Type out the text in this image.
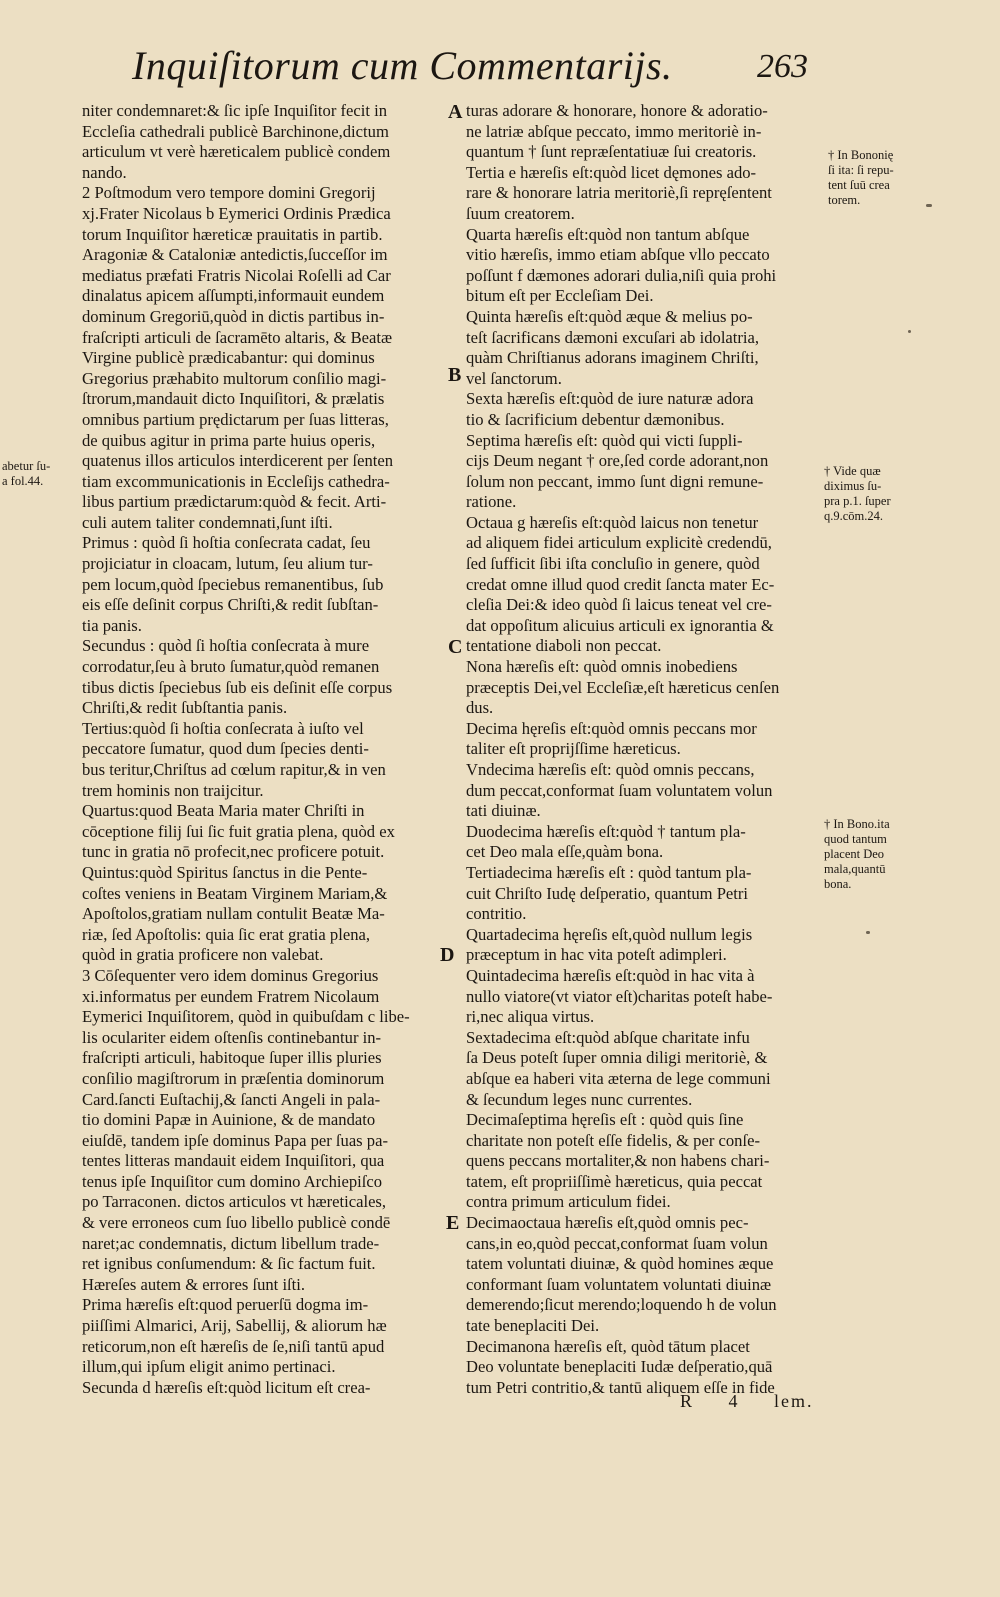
Inquiſitorum cum Commentarijs. 263
niter condemnaret:& ſic ipſe Inquiſitor fecit in
Eccleſia cathedrali publicè Barchinone,dictum
articulum vt verè hæreticalem publicè condem
nando.
2 Poſtmodum vero tempore domini Gregorij
xj.Frater Nicolaus b Eymerici Ordinis Prædica
torum Inquiſitor hæreticæ prauitatis in partib.
Aragoniæ & Cataloniæ antedictis,ſucceſſor im
mediatus præfati Fratris Nicolai Roſelli ad Car
dinalatus apicem aſſumpti,informauit eundem
dominum Gregoriū,quòd in dictis partibus in-
fraſcripti articuli de ſacramēto altaris, & Beatæ
Virgine publicè prædicabantur: qui dominus
Gregorius præhabito multorum conſilio magi-
ſtrorum,mandauit dicto Inquiſitori, & prælatis
omnibus partium prędictarum per ſuas litteras,
de quibus agitur in prima parte huius operis,
quatenus illos articulos interdicerent per ſenten
tiam excommunicationis in Eccleſijs cathedra-
libus partium prædictarum:quòd & fecit. Arti-
culi autem taliter condemnati,ſunt iſti.
Primus : quòd ſi hoſtia conſecrata cadat, ſeu
projiciatur in cloacam, lutum, ſeu alium tur-
pem locum,quòd ſpeciebus remanentibus, ſub
eis eſſe deſinit corpus Chriſti,& redit ſubſtan-
tia panis.
Secundus : quòd ſi hoſtia conſecrata à mure
corrodatur,ſeu à bruto ſumatur,quòd remanen
tibus dictis ſpeciebus ſub eis deſinit eſſe corpus
Chriſti,& redit ſubſtantia panis.
Tertius:quòd ſi hoſtia conſecrata à iuſto vel
peccatore ſumatur, quod dum ſpecies denti-
bus teritur,Chriſtus ad cœlum rapitur,& in ven
trem hominis non traijcitur.
Quartus:quod Beata Maria mater Chriſti in
cōceptione filij ſui ſic fuit gratia plena, quòd ex
tunc in gratia nō profecit,nec proficere potuit.
Quintus:quòd Spiritus ſanctus in die Pente-
coſtes veniens in Beatam Virginem Mariam,&
Apoſtolos,gratiam nullam contulit Beatæ Ma-
riæ, ſed Apoſtolis: quia ſic erat gratia plena,
quòd in gratia proficere non valebat.
3 Cōſequenter vero idem dominus Gregorius
xi.informatus per eundem Fratrem Nicolaum
Eymerici Inquiſitorem, quòd in quibuſdam c libe-
lis oculariter eidem oſtenſis continebantur in-
fraſcripti articuli, habitoque ſuper illis pluries
conſilio magiſtrorum in præſentia dominorum
Card.ſancti Euſtachij,& ſancti Angeli in pala-
tio domini Papæ in Auinione, & de mandato
eiuſdē, tandem ipſe dominus Papa per ſuas pa-
tentes litteras mandauit eidem Inquiſitori, qua
tenus ipſe Inquiſitor cum domino Archiepiſco
po Tarraconen. dictos articulos vt hæreticales,
& vere erroneos cum ſuo libello publicè condē
naret;ac condemnatis, dictum libellum trade-
ret ignibus conſumendum: & ſic factum fuit.
Hæreſes autem & errores ſunt iſti.
Prima hæreſis eſt:quod peruerſū dogma im-
piiſſimi Almarici, Arij, Sabellij, & aliorum hæ
reticorum,non eſt hæreſis de ſe,niſi tantū apud
illum,qui ipſum eligit animo pertinaci.
Secunda d hæreſis eſt:quòd licitum eſt crea-
turas adorare & honorare, honore & adoratio-
ne latriæ abſque peccato, immo meritoriè in-
quantum † ſunt repræſentatiuæ ſui creatoris.
Tertia e hæreſis eſt:quòd licet dęmones ado-
rare & honorare latria meritoriè,ſi repręſentent
ſuum creatorem.
Quarta hæreſis eſt:quòd non tantum abſque
vitio hæreſis, immo etiam abſque vllo peccato
poſſunt f dæmones adorari dulia,niſi quia prohi
bitum eſt per Eccleſiam Dei.
Quinta hæreſis eſt:quòd æque & melius po-
teſt ſacrificans dæmoni excuſari ab idolatria,
quàm Chriſtianus adorans imaginem Chriſti,
vel ſanctorum.
Sexta hæreſis eſt:quòd de iure naturæ adora
tio & ſacrificium debentur dæmonibus.
Septima hæreſis eſt: quòd qui victi ſuppli-
cijs Deum negant † ore,ſed corde adorant,non
ſolum non peccant, immo ſunt digni remune-
ratione.
Octaua g hæreſis eſt:quòd laicus non tenetur
ad aliquem fidei articulum explicitè credendū,
ſed ſufficit ſibi iſta concluſio in genere, quòd
credat omne illud quod credit ſancta mater Ec-
cleſia Dei:& ideo quòd ſi laicus teneat vel cre-
dat oppoſitum alicuius articuli ex ignorantia &
tentatione diaboli non peccat.
Nona hæreſis eſt: quòd omnis inobediens
præceptis Dei,vel Eccleſiæ,eſt hæreticus cenſen
dus.
Decima hęreſis eſt:quòd omnis peccans mor
taliter eſt proprijſſime hæreticus.
Vndecima hæreſis eſt: quòd omnis peccans,
dum peccat,conformat ſuam voluntatem volun
tati diuinæ.
Duodecima hæreſis eſt:quòd † tantum pla-
cet Deo mala eſſe,quàm bona.
Tertiadecima hæreſis eſt : quòd tantum pla-
cuit Chriſto Iudę deſperatio, quantum Petri
contritio.
Quartadecima hęreſis eſt,quòd nullum legis
præceptum in hac vita poteſt adimpleri.
Quintadecima hæreſis eſt:quòd in hac vita à
nullo viatore(vt viator eſt)charitas poteſt habe-
ri,nec aliqua virtus.
Sextadecima eſt:quòd abſque charitate infu
ſa Deus poteſt ſuper omnia diligi meritoriè, &
abſque ea haberi vita æterna de lege communi
& ſecundum leges nunc currentes.
Decimaſeptima hęreſis eſt : quòd quis ſine
charitate non poteſt eſſe fidelis, & per conſe-
quens peccans mortaliter,& non habens chari-
tatem, eſt propriiſſimè hæreticus, quia peccat
contra primum articulum fidei.
Decimaoctaua hæreſis eſt,quòd omnis pec-
cans,in eo,quòd peccat,conformat ſuam volun
tatem voluntati diuinæ, & quòd homines æque
conformant ſuam voluntatem voluntati diuinæ
demerendo;ſicut merendo;loquendo h de volun
tate beneplaciti Dei.
Decimanona hæreſis eſt, quòd tātum placet
Deo voluntate beneplaciti Iudæ deſperatio,quā
tum Petri contritio,& tantū aliquem eſſe in fide
A
B
C
D
E
abetur ſu-
a fol.44.
† In Bononię
ſi ita: ſi repu-
tent ſuū crea
torem.
† Vide quæ
diximus ſu-
pra p.1. ſuper
q.9.cōm.24.
† In Bono.ita
quod tantum
placent Deo
mala,quantū
bona.
R 4 lem.
